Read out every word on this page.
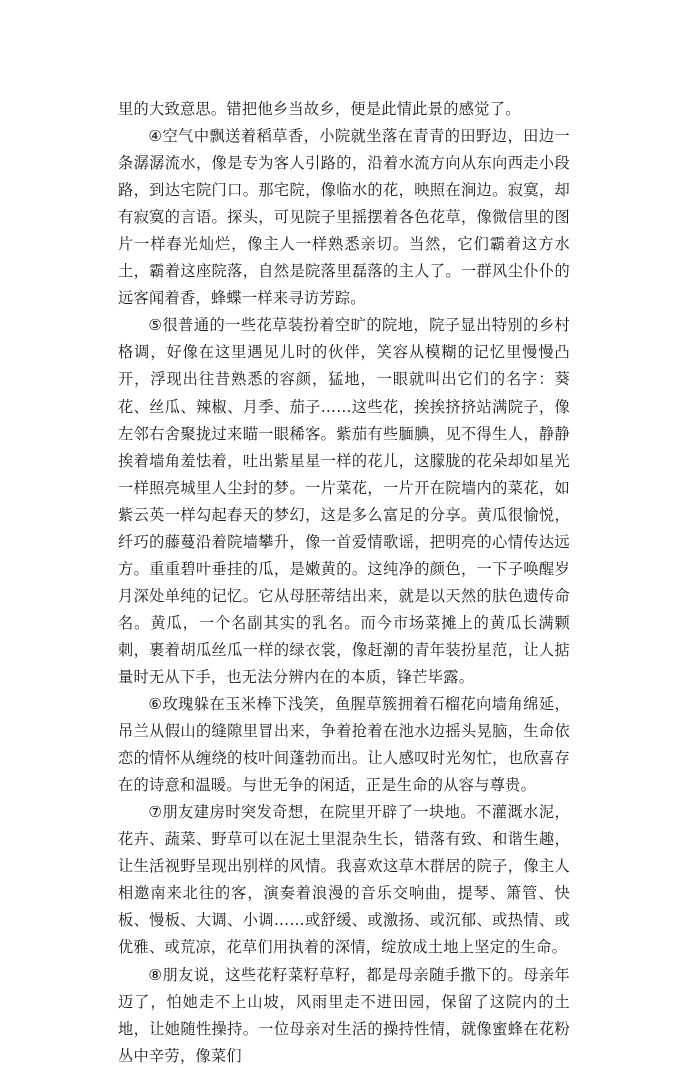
里的大致意思。错把他乡当故乡，便是此情此景的感觉了。

④空气中飘送着稻草香，小院就坐落在青青的田野边，田边一条潺潺流水，像是专为客人引路的，沿着水流方向从东向西走小段路，到达宅院门口。那宅院，像临水的花，映照在涧边。寂寞，却有寂寞的言语。探头，可见院子里摇摆着各色花草，像微信里的图片一样春光灿烂，像主人一样熟悉亲切。当然，它们霸着这方水土，霸着这座院落，自然是院落里磊落的主人了。一群风尘仆仆的远客闻着香，蜂蝶一样来寻访芳踪。

⑤很普通的一些花草装扮着空旷的院地，院子显出特别的乡村格调，好像在这里遇见儿时的伙伴，笑容从模糊的记忆里慢慢凸开，浮现出往昔熟悉的容颜，猛地，一眼就叫出它们的名字：葵花、丝瓜、辣椒、月季、茄子……这些花，挨挨挤挤站满院子，像左邻右舍聚拢过来瞄一眼稀客。紫茄有些腼腆，见不得生人，静静挨着墙角羞怯着，吐出紫星星一样的花儿，这朦胧的花朵却如星光一样照亮城里人尘封的梦。一片菜花，一片开在院墙内的菜花，如紫云英一样勾起春天的梦幻，这是多么富足的分享。黄瓜很愉悦，纤巧的藤蔓沿着院墙攀升，像一首爱情歌谣，把明亮的心情传达远方。重重碧叶垂挂的瓜，是嫩黄的。这纯净的颜色，一下子唤醒岁月深处单纯的记忆。它从母胚蒂结出来，就是以天然的肤色遗传命名。黄瓜，一个名副其实的乳名。而今市场菜摊上的黄瓜长满颗刺，裹着胡瓜丝瓜一样的绿衣裳，像赶潮的青年装扮星范，让人掂量时无从下手，也无法分辨内在的本质，锋芒毕露。

⑥玫瑰躲在玉米棒下浅笑，鱼腥草簇拥着石榴花向墙角绵延，吊兰从假山的缝隙里冒出来，争着抢着在池水边摇头晃脑，生命依恋的情怀从缠绕的枝叶间蓬勃而出。让人感叹时光匆忙，也欣喜存在的诗意和温暖。与世无争的闲适，正是生命的从容与尊贵。

⑦朋友建房时突发奇想，在院里开辟了一块地。不灌溉水泥，花卉、蔬菜、野草可以在泥土里混杂生长，错落有致、和谐生趣，让生活视野呈现出别样的风情。我喜欢这草木群居的院子，像主人相邀南来北往的客，演奏着浪漫的音乐交响曲，提琴、箫管、快板、慢板、大调、小调……或舒缓、或激扬、或沉郁、或热情、或优雅、或荒凉，花草们用执着的深情，绽放成土地上坚定的生命。

⑧朋友说，这些花籽菜籽草籽，都是母亲随手撒下的。母亲年迈了，怕她走不上山坡，风雨里走不进田园，保留了这院内的土地，让她随性操持。一位母亲对生活的操持性情，就像蜜蜂在花粉丛中辛劳，像菜们
